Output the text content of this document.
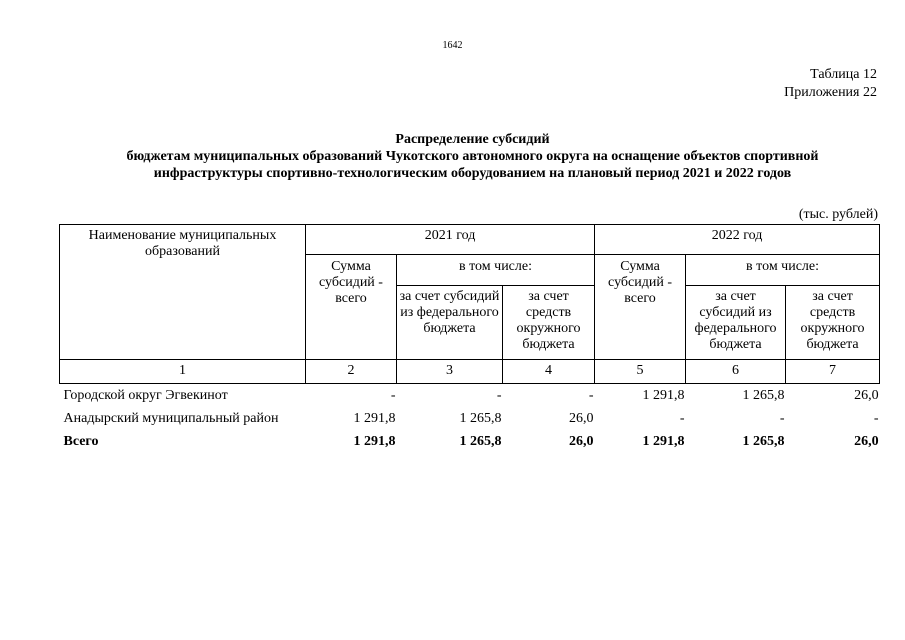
1642
Таблица 12
Приложения 22
Распределение субсидий
бюджетам муниципальных образований Чукотского автономного округа на оснащение объектов спортивной
инфраструктуры спортивно-технологическим оборудованием на плановый период 2021 и 2022 годов
(тыс. рублей)
Наименование муниципальных образований	2021 год			2022 год		
	Сумма субсидий - всего	в том числе:		Сумма субсидий - всего	в том числе:	
		за счет субсидий из федерального бюджета	за счет средств окружного бюджета		за счет субсидий из федерального бюджета	за счет средств окружного бюджета
1	2	3	4	5	6	7
Городской округ Эгвекинот	-	-	-	1 291,8	1 265,8	26,0
Анадырский муниципальный район	1 291,8	1 265,8	26,0	-	-	-
Всего	1 291,8	1 265,8	26,0	1 291,8	1 265,8	26,0
